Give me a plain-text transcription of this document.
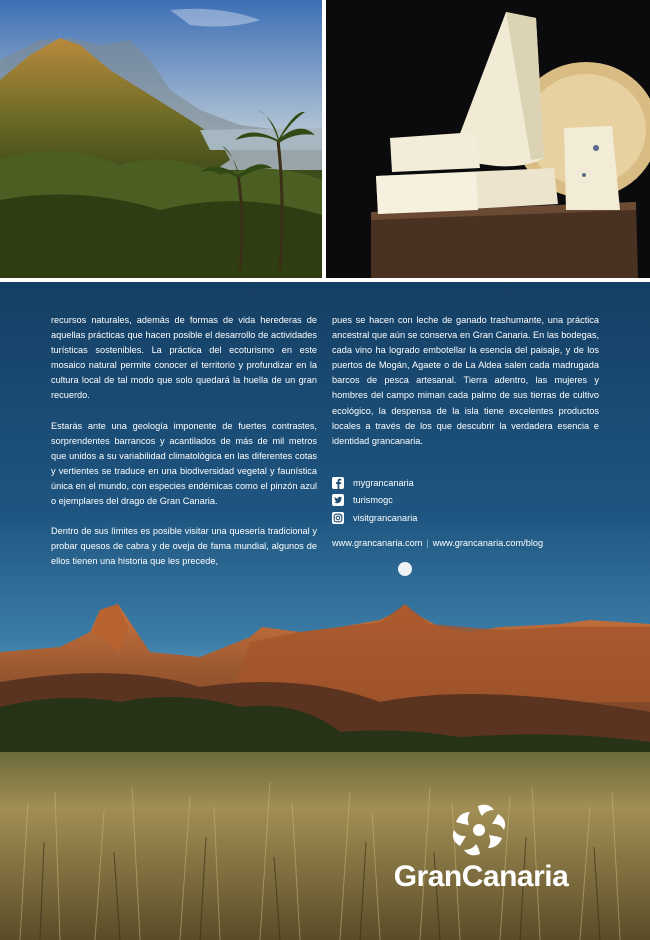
recursos naturales, además de formas de vida herederas de aquellas prácticas que hacen posible el desarrollo de actividades turísticas sostenibles. La práctica del ecoturismo en este mosaico natural permite conocer el territorio y profundizar en la cultura local de tal modo que solo quedará la huella de un gran recuerdo.

Estarás ante una geología imponente de fuertes contrastes, sorprendentes barrancos y acantilados de más de mil metros que unidos a su variabilidad climatológica en las diferentes cotas y vertientes se traduce en una biodiversidad vegetal y faunística única en el mundo, con especies endémicas como el pinzón azul o ejemplares del drago de Gran Canaria.

Dentro de sus límites es posible visitar una quesería tradicional y probar quesos de cabra y de oveja de fama mundial, algunos de ellos tienen una historia que les precede,

pues se hacen con leche de ganado trashumante, una práctica ancestral que aún se conserva en Gran Canaria. En las bodegas, cada vino ha logrado embotellar la esencia del paisaje, y de los puertos de Mogán, Agaete o de La Aldea salen cada madrugada barcos de pesca artesanal. Tierra adentro, las mujeres y hombres del campo miman cada palmo de sus tierras de cultivo ecológico, la despensa de la isla tiene excelentes productos locales a través de los que descubrir la verdadera esencia e identidad grancanaria.

mygrancanaria
turismogc
visitgrancanaria
www.grancanaria.com | www.grancanaria.com/blog
GranCanaria
